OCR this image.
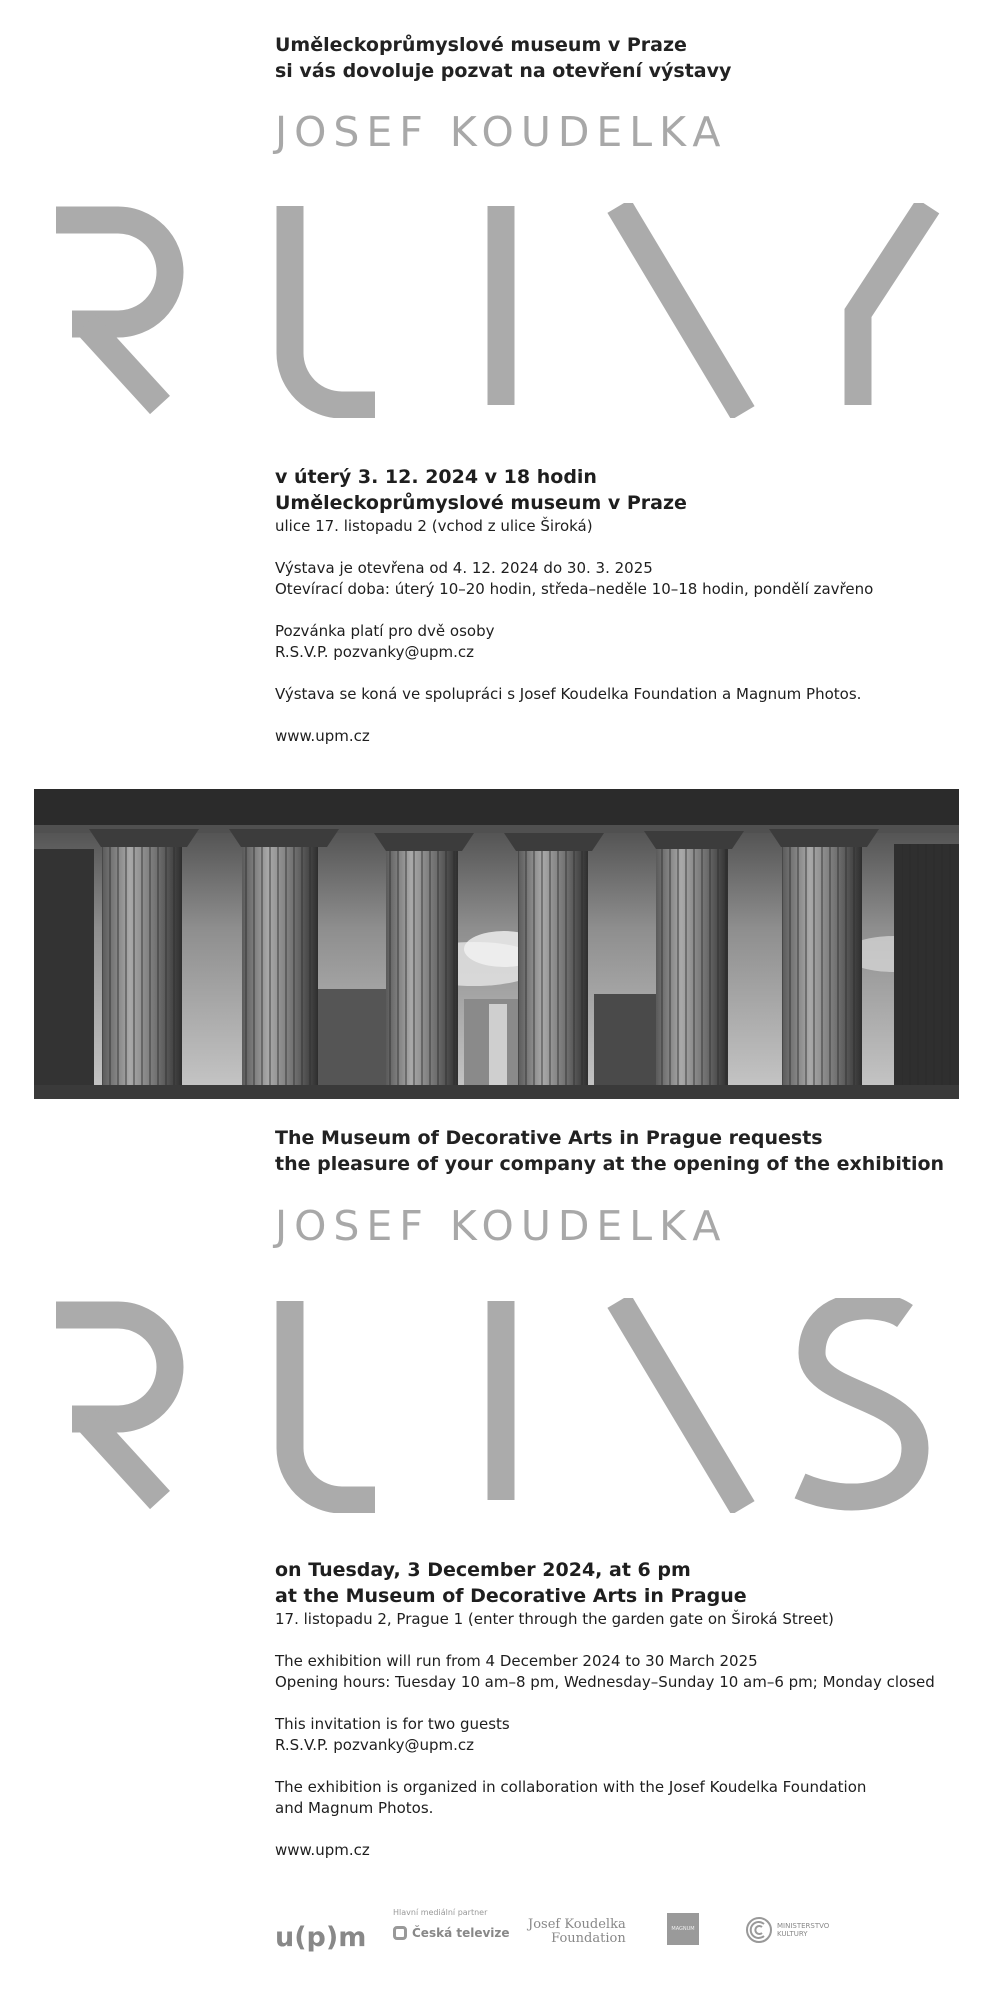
Uměleckoprůmyslové museum v Praze
si vás dovoluje pozvat na otevření výstavy
JOSEF KOUDELKA
v úterý 3. 12. 2024 v 18 hodin
Uměleckoprůmyslové museum v Praze
ulice 17. listopadu 2 (vchod z ulice Široká)
Výstava je otevřena od 4. 12. 2024 do 30. 3. 2025
Otevírací doba: úterý 10–20 hodin, středa–neděle 10–18 hodin, pondělí zavřeno
Pozvánka platí pro dvě osoby
R.S.V.P. pozvanky@upm.cz
Výstava se koná ve spolupráci s Josef Koudelka Foundation a Magnum Photos.
www.upm.cz
The Museum of Decorative Arts in Prague requests
the pleasure of your company at the opening of the exhibition
JOSEF KOUDELKA
on Tuesday, 3 December 2024, at 6 pm
at the Museum of Decorative Arts in Prague
17. listopadu 2, Prague 1 (enter through the garden gate on Široká Street)
The exhibition will run from 4 December 2024 to 30 March 2025
Opening hours: Tuesday 10 am–8 pm, Wednesday–Sunday 10 am–6 pm; Monday closed
This invitation is for two guests
R.S.V.P. pozvanky@upm.cz
The exhibition is organized in collaboration with the Josef Koudelka Foundation
and Magnum Photos.
www.upm.cz
u(p)m
Hlavní mediální partner
Česká televize
Josef Koudelka
Foundation
MAGNUM	MINISTERSTVO
KULTURY
